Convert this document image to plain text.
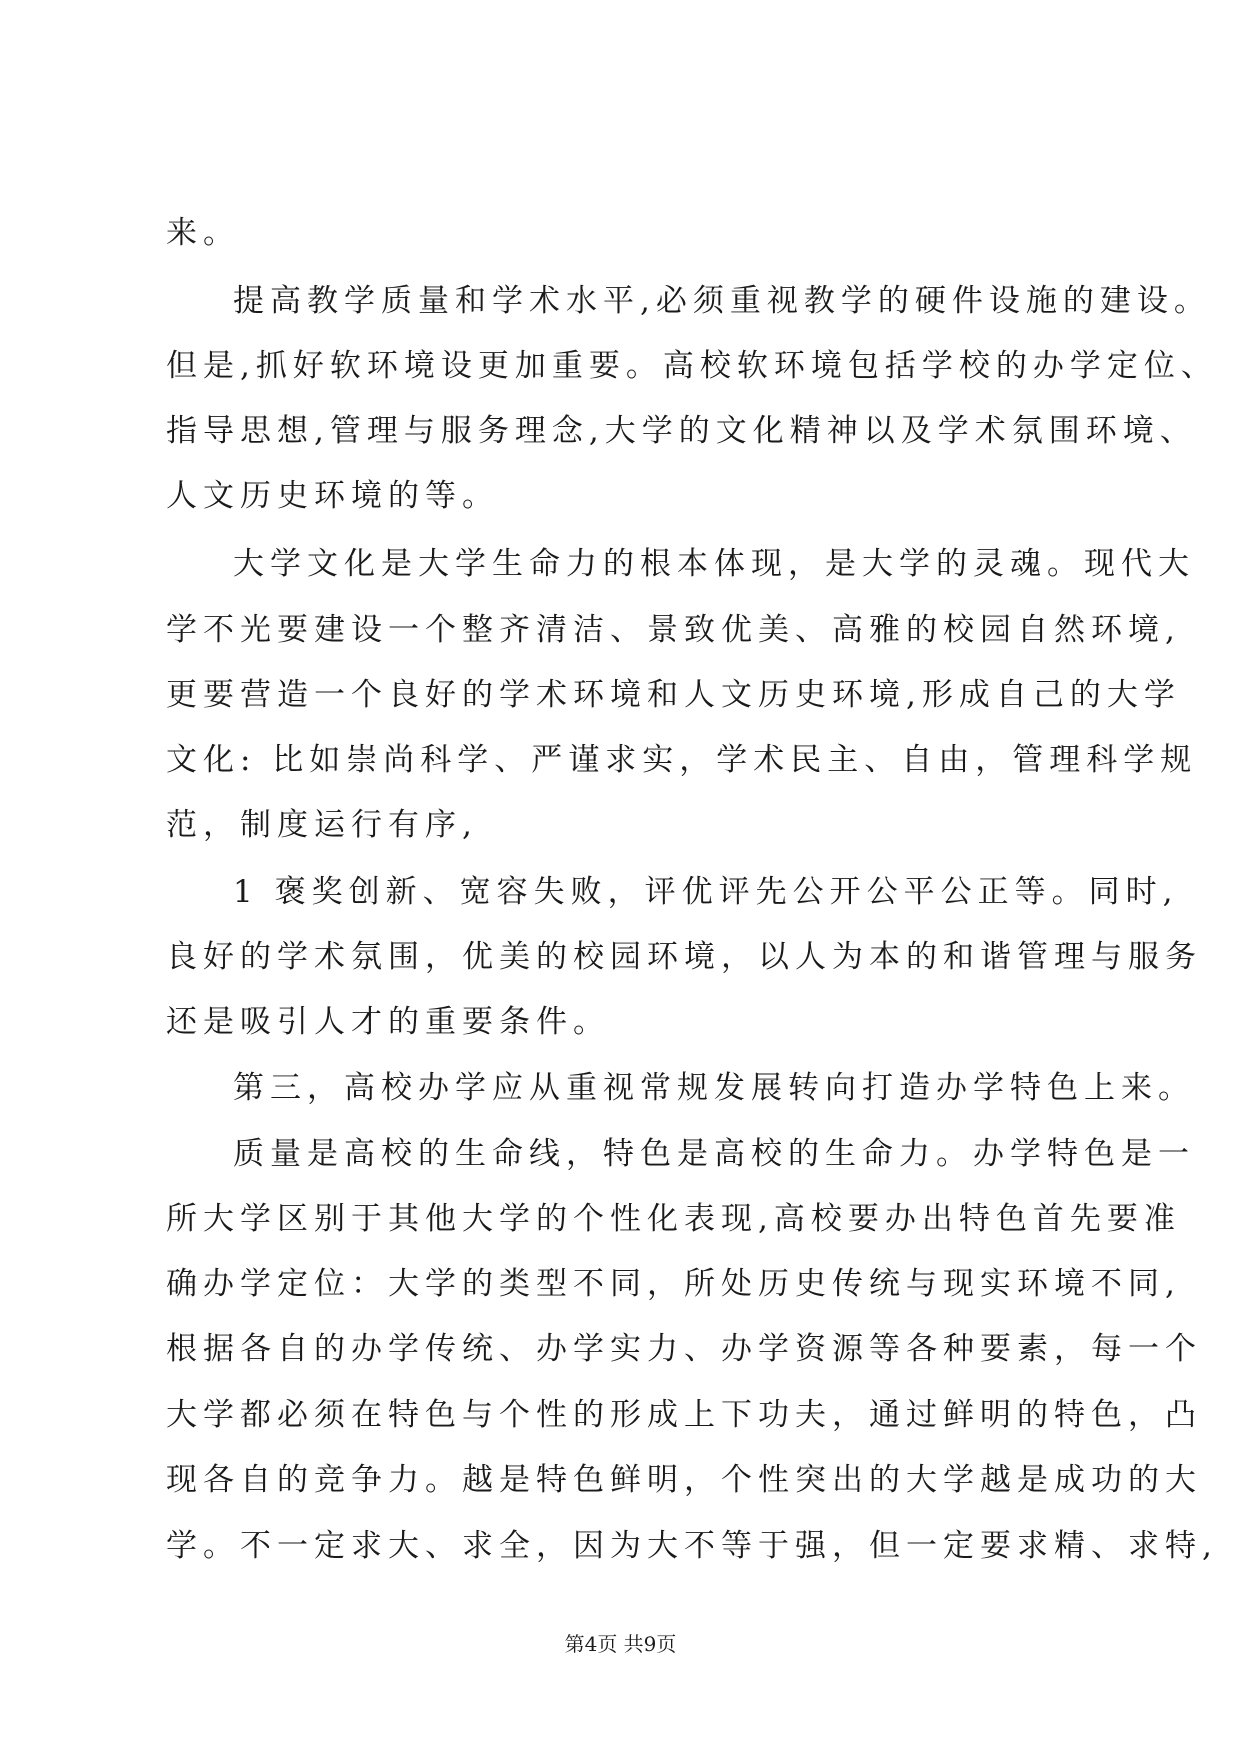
来。
提高教学质量和学术水平,必须重视教学的硬件设施的建设。
但是,抓好软环境设更加重要。高校软环境包括学校的办学定位、
指导思想,管理与服务理念,大学的文化精神以及学术氛围环境、
人文历史环境的等。
大学文化是大学生命力的根本体现，是大学的灵魂。现代大
学不光要建设一个整齐清洁、景致优美、高雅的校园自然环境,
更要营造一个良好的学术环境和人文历史环境,形成自己的大学
文化: 比如崇尚科学、严谨求实，学术民主、自由，管理科学规
范，制度运行有序,
1 褒奖创新、宽容失败，评优评先公开公平公正等。同时,
良好的学术氛围，优美的校园环境，以人为本的和谐管理与服务
还是吸引人才的重要条件。
第三，高校办学应从重视常规发展转向打造办学特色上来。
质量是高校的生命线，特色是高校的生命力。办学特色是一
所大学区别于其他大学的个性化表现,高校要办出特色首先要准
确办学定位：大学的类型不同，所处历史传统与现实环境不同,
根据各自的办学传统、办学实力、办学资源等各种要素，每一个
大学都必须在特色与个性的形成上下功夫，通过鲜明的特色，凸
现各自的竞争力。越是特色鲜明，个性突出的大学越是成功的大
学。不一定求大、求全，因为大不等于强，但一定要求精、求特,
第4页 共9页
